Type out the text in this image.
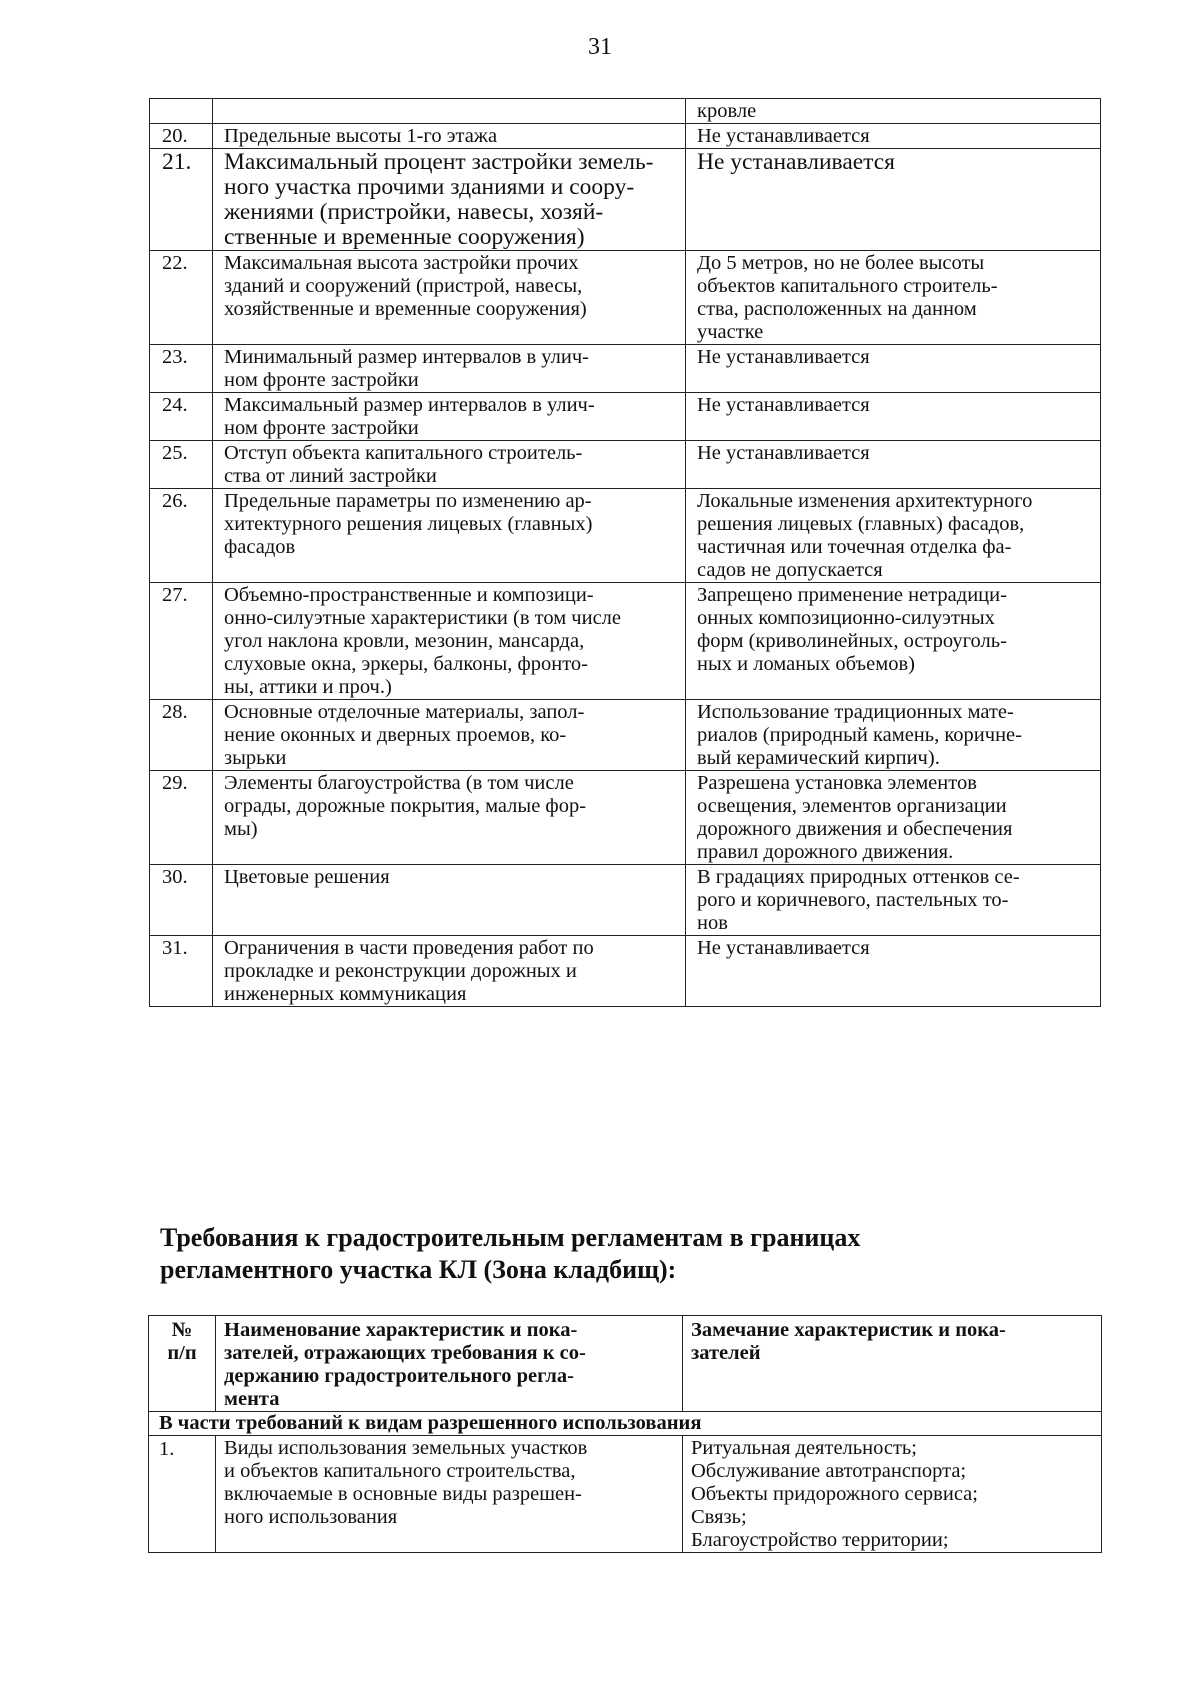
31

		кровле

20.	Предельные высоты 1-го этажа	Не устанавливается

21.	Максимальный процент застройки земель-
ного участка прочими зданиями и соору-
жениями (пристройки, навесы, хозяй-
ственные и временные сооружения)	Не устанавливается

22.	Максимальная высота застройки прочих
зданий и сооружений (пристрой, навесы,
хозяйственные и временные сооружения)	До 5 метров, но не более высоты
объектов капитального строитель-
ства, расположенных на данном
участке

23.	Минимальный размер интервалов в улич-
ном фронте застройки	Не устанавливается

24.	Максимальный размер интервалов в улич-
ном фронте застройки	Не устанавливается

25.	Отступ объекта капитального строитель-
ства от линий застройки	Не устанавливается

26.	Предельные параметры по изменению ар-
хитектурного решения лицевых (главных)
фасадов	Локальные изменения архитектурного
решения лицевых (главных) фасадов,
частичная или точечная отделка фа-
садов не допускается

27.	Объемно-пространственные и композици-
онно-силуэтные характеристики (в том числе
угол наклона кровли, мезонин, мансарда,
слуховые окна, эркеры, балконы, фронто-
ны, аттики и проч.)	Запрещено применение нетрадици-
онных композиционно-силуэтных
форм (криволинейных, остроуголь-
ных и ломаных объемов)

28.	Основные отделочные материалы, запол-
нение оконных и дверных проемов, ко-
зырьки	Использование традиционных мате-
риалов (природный камень, коричне-
вый керамический кирпич).

29.	Элементы благоустройства (в том числе
ограды, дорожные покрытия, малые фор-
мы)	Разрешена установка элементов
освещения, элементов организации
дорожного движения и обеспечения
правил дорожного движения.

30.	Цветовые решения	В градациях природных оттенков се-
рого и коричневого, пастельных то-
нов

31.	Ограничения в части проведения работ по
прокладке и реконструкции дорожных и
инженерных коммуникация	Не устанавливается
Требования к градостроительным регламентам в границах
регламентного участка КЛ (Зона кладбищ):
№
п/п	Наименование характеристик и пока-
зателей, отражающих требования к со-
держанию градостроительного регла-
мента	Замечание характеристик и пока-
зателей

В части требований к видам разрешенного использования		
1.	Виды использования земельных участков
и объектов капитального строительства,
включаемые в основные виды разрешен-
ного использования	Ритуальная деятельность;
Обслуживание автотранспорта;
Объекты придорожного сервиса;
Связь;
Благоустройство территории;
